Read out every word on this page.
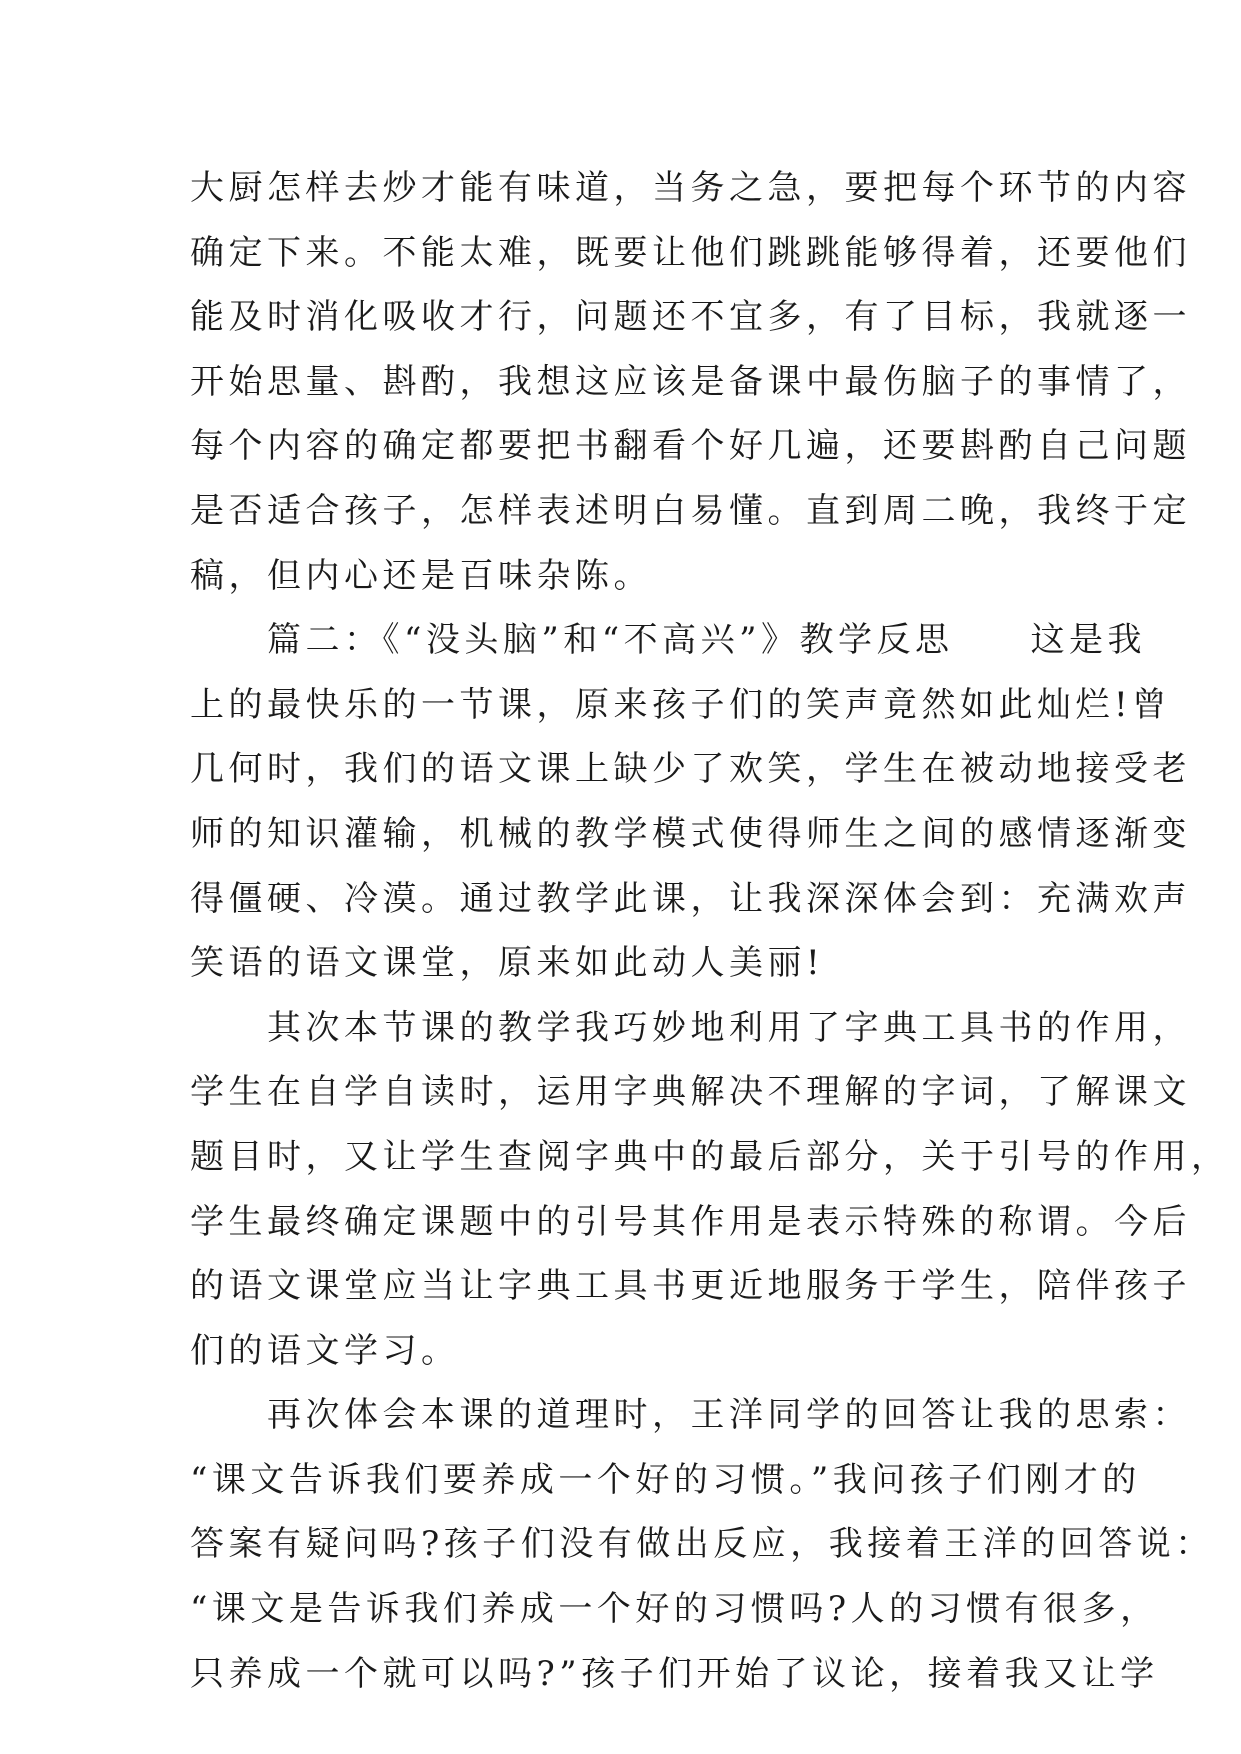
大厨怎样去炒才能有味道，当务之急，要把每个环节的内容
确定下来。不能太难，既要让他们跳跳能够得着，还要他们
能及时消化吸收才行，问题还不宜多，有了目标，我就逐一
开始思量、斟酌，我想这应该是备课中最伤脑子的事情了，
每个内容的确定都要把书翻看个好几遍，还要斟酌自己问题
是否适合孩子，怎样表述明白易懂。直到周二晚，我终于定
稿，但内心还是百味杂陈。
　　篇二：《“没头脑”和“不高兴”》教学反思　　这是我
上的最快乐的一节课，原来孩子们的笑声竟然如此灿烂!曾
几何时，我们的语文课上缺少了欢笑，学生在被动地接受老
师的知识灌输，机械的教学模式使得师生之间的感情逐渐变
得僵硬、冷漠。通过教学此课，让我深深体会到：充满欢声
笑语的语文课堂，原来如此动人美丽!
　　其次本节课的教学我巧妙地利用了字典工具书的作用，
学生在自学自读时，运用字典解决不理解的字词，了解课文
题目时，又让学生查阅字典中的最后部分，关于引号的作用，
学生最终确定课题中的引号其作用是表示特殊的称谓。今后
的语文课堂应当让字典工具书更近地服务于学生，陪伴孩子
们的语文学习。
　　再次体会本课的道理时，王洋同学的回答让我的思索：
“课文告诉我们要养成一个好的习惯。”我问孩子们刚才的
答案有疑问吗?孩子们没有做出反应，我接着王洋的回答说：
“课文是告诉我们养成一个好的习惯吗?人的习惯有很多，
只养成一个就可以吗?”孩子们开始了议论，接着我又让学
